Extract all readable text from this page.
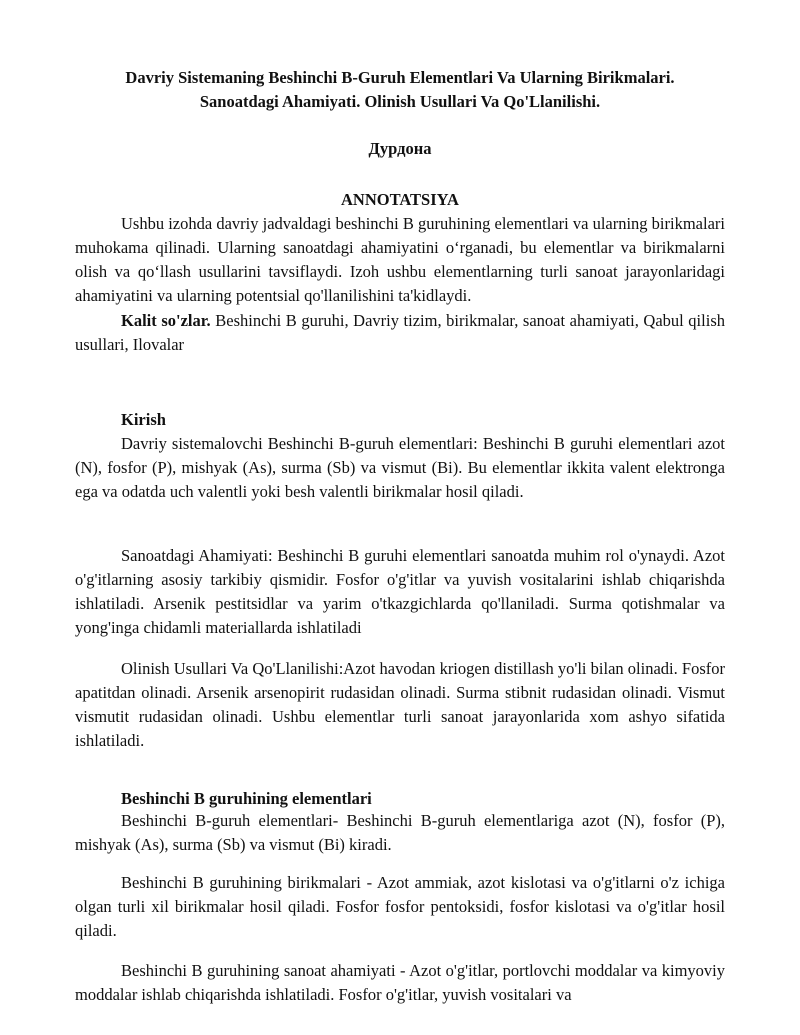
Davriy Sistemaning Beshinchi B-Guruh Elementlari Va Ularning Birikmalari.
Sanoatdagi Ahamiyati. Olinish Usullari Va Qo'Llanilishi.
Дурдона
ANNOTATSIYA
Ushbu izohda davriy jadvaldagi beshinchi B guruhining elementlari va ularning birikmalari muhokama qilinadi. Ularning sanoatdagi ahamiyatini o‘rganadi, bu elementlar va birikmalarni olish va qo‘llash usullarini tavsiflaydi. Izoh ushbu elementlarning turli sanoat jarayonlaridagi ahamiyatini va ularning potentsial qo'llanilishini ta'kidlaydi.
Kalit so'zlar. Beshinchi B guruhi, Davriy tizim, birikmalar, sanoat ahamiyati, Qabul qilish usullari, Ilovalar
Kirish
Davriy sistemalovchi Beshinchi B-guruh elementlari: Beshinchi B guruhi elementlari azot (N), fosfor (P), mishyak (As), surma (Sb) va vismut (Bi). Bu elementlar ikkita valent elektronga ega va odatda uch valentli yoki besh valentli birikmalar hosil qiladi.
Sanoatdagi Ahamiyati: Beshinchi B guruhi elementlari sanoatda muhim rol o'ynaydi. Azot o'g'itlarning asosiy tarkibiy qismidir. Fosfor o'g'itlar va yuvish vositalarini ishlab chiqarishda ishlatiladi. Arsenik pestitsidlar va yarim o'tkazgichlarda qo'llaniladi. Surma qotishmalar va yong'inga chidamli materiallarda ishlatiladi
Olinish Usullari Va Qo'Llanilishi:Azot havodan kriogen distillash yo'li bilan olinadi. Fosfor apatitdan olinadi. Arsenik arsenopirit rudasidan olinadi. Surma stibnit rudasidan olinadi. Vismut vismutit rudasidan olinadi. Ushbu elementlar turli sanoat jarayonlarida xom ashyo sifatida ishlatiladi.
Beshinchi B guruhining elementlari
Beshinchi B-guruh elementlari- Beshinchi B-guruh elementlariga azot (N), fosfor (P), mishyak (As), surma (Sb) va vismut (Bi) kiradi.
Beshinchi B guruhining birikmalari - Azot ammiak, azot kislotasi va o'g'itlarni o'z ichiga olgan turli xil birikmalar hosil qiladi. Fosfor fosfor pentoksidi, fosfor kislotasi va o'g'itlar hosil qiladi.
Beshinchi B guruhining sanoat ahamiyati - Azot o'g'itlar, portlovchi moddalar va kimyoviy moddalar ishlab chiqarishda ishlatiladi. Fosfor o'g'itlar, yuvish vositalari va
